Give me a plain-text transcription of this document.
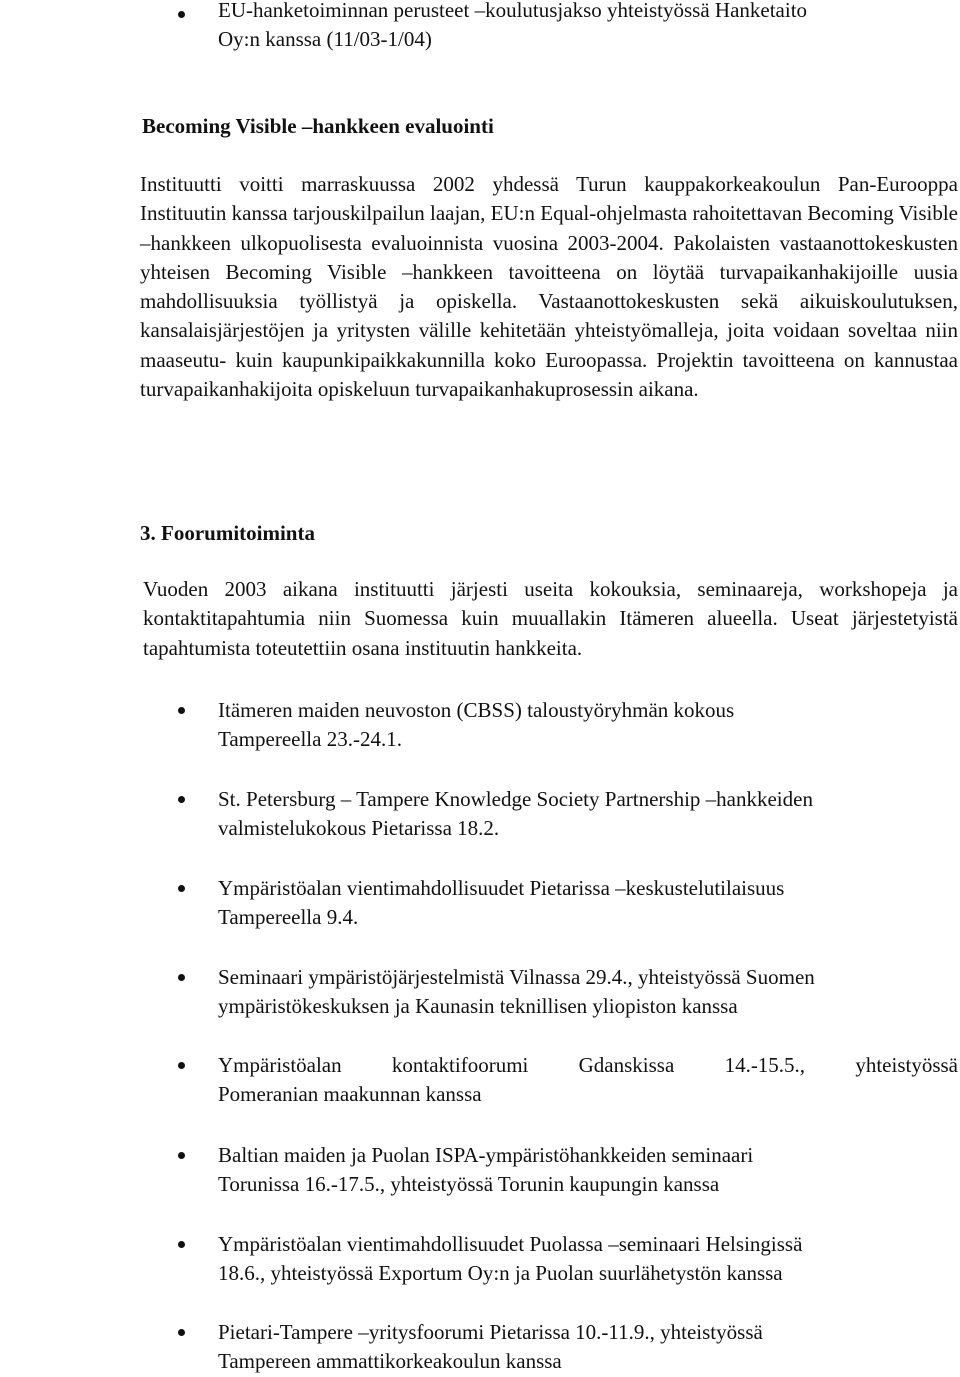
EU-hanketoiminnan perusteet –koulutusjakso yhteistyössä Hanketaito
Oy:n kanssa (11/03-1/04)
Becoming Visible –hankkeen evaluointi
Instituutti voitti marraskuussa 2002 yhdessä Turun kauppakorkeakoulun Pan-Eurooppa Instituutin kanssa tarjouskilpailun laajan, EU:n Equal-ohjelmasta rahoitettavan Becoming Visible –hankkeen ulkopuolisesta evaluoinnista vuosina 2003-2004. Pakolaisten vastaanottokeskusten yhteisen Becoming Visible –hankkeen tavoitteena on löytää turvapaikanhakijoille uusia mahdollisuuksia työllistyä ja opiskella. Vastaanottokeskusten sekä aikuiskoulutuksen, kansalaisjärjestöjen ja yritysten välille kehitetään yhteistyömalleja, joita voidaan soveltaa niin maaseutu- kuin kaupunkipaikkakunnilla koko Euroopassa. Projektin tavoitteena on kannustaa turvapaikanhakijoita opiskeluun turvapaikanhakuprosessin aikana.
3. Foorumitoiminta
Vuoden 2003 aikana instituutti järjesti useita kokouksia, seminaareja, workshopeja ja kontaktitapahtumia niin Suomessa kuin muuallakin Itämeren alueella. Useat järjestetyistä tapahtumista toteutettiin osana instituutin hankkeita.
Itämeren maiden neuvoston (CBSS) taloustyöryhmän kokous
Tampereella 23.-24.1.
St. Petersburg – Tampere Knowledge Society Partnership –hankkeiden
valmistelukokous Pietarissa 18.2.
Ympäristöalan vientimahdollisuudet Pietarissa –keskustelutilaisuus
Tampereella 9.4.
Seminaari ympäristöjärjestelmistä Vilnassa 29.4., yhteistyössä Suomen
ympäristökeskuksen ja Kaunasin teknillisen yliopiston kanssa
Ympäristöalan kontaktifoorumi Gdanskissa 14.-15.5., yhteistyössä
Pomeranian maakunnan kanssa
Baltian maiden ja Puolan ISPA-ympäristöhankkeiden seminaari
Torunissa 16.-17.5., yhteistyössä Torunin kaupungin kanssa
Ympäristöalan vientimahdollisuudet Puolassa –seminaari Helsingissä
18.6., yhteistyössä Exportum Oy:n ja Puolan suurlähetystön kanssa
Pietari-Tampere –yritysfoorumi Pietarissa 10.-11.9., yhteistyössä
Tampereen ammattikorkeakoulun kanssa
